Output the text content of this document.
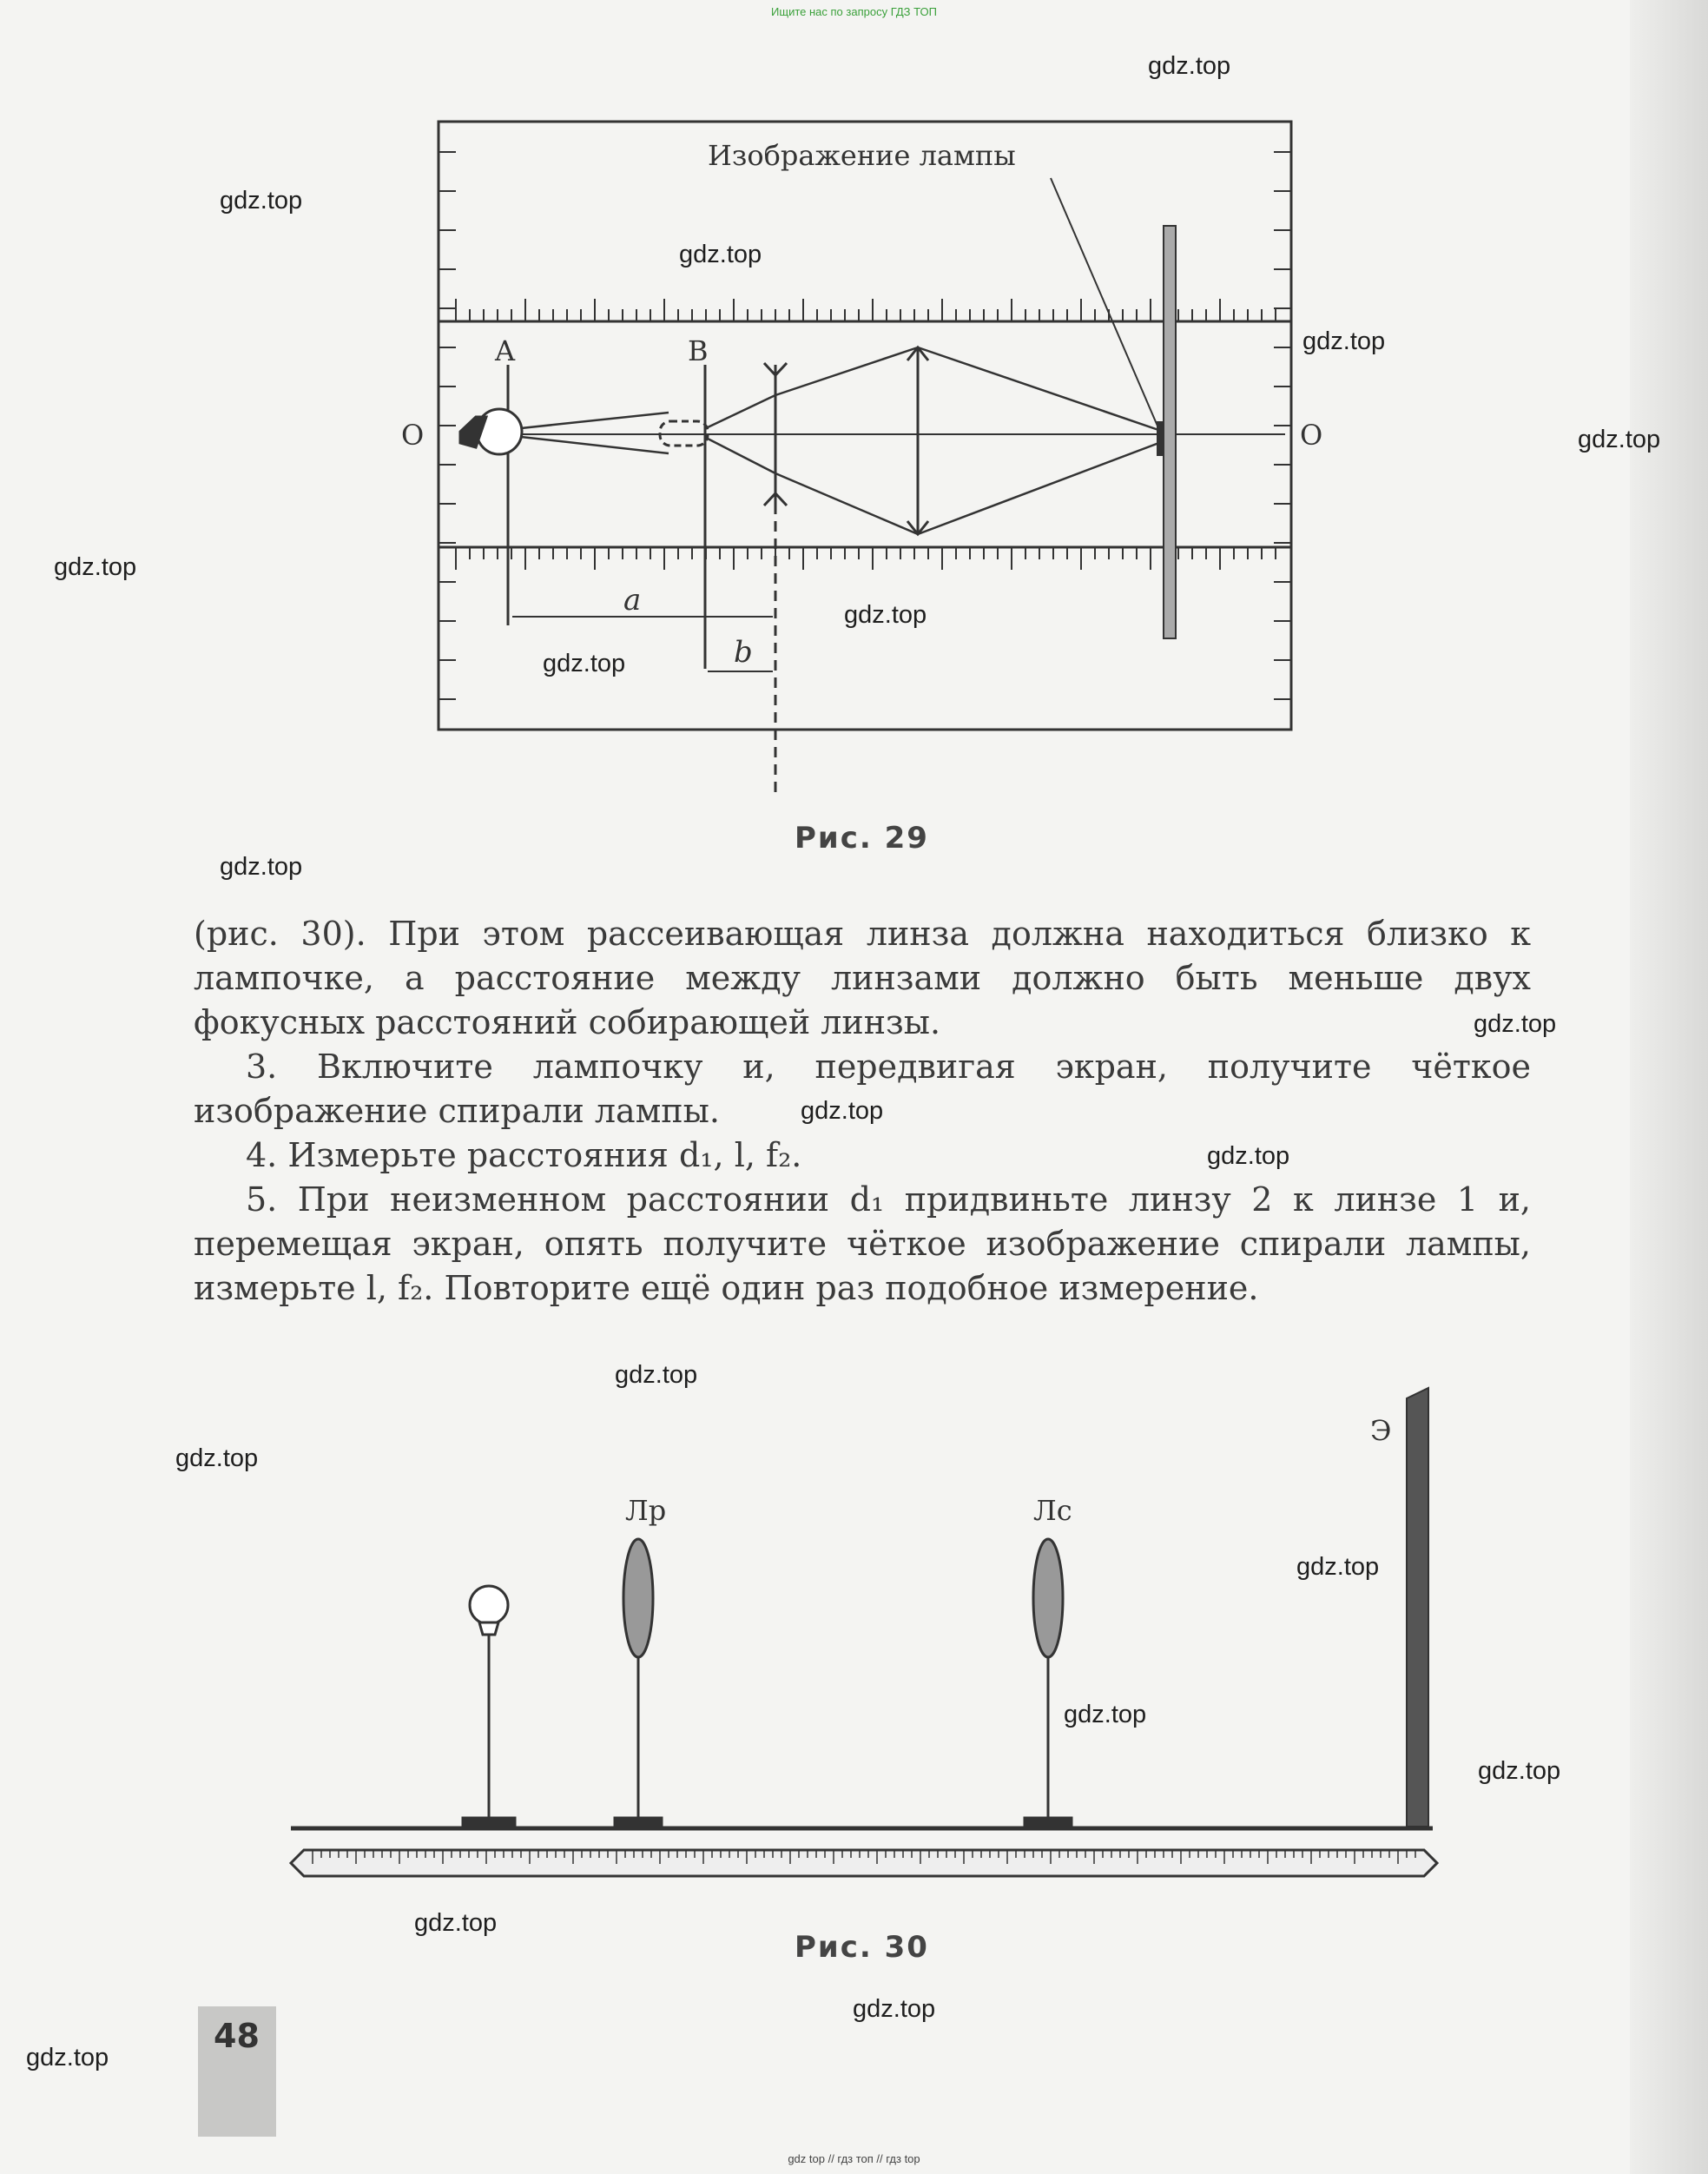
Ищите нас по запросу ГДЗ ТОП
Изображение лампы
A	B
O	O
a
b
Лр	Лс
Э
Рис. 29

(рис. 30). При этом рассеивающая линза должна находиться близко к лампочке, а расстояние между линзами должно быть меньше двух фокусных расстояний собирающей линзы.

3. Включите лампочку и, передвигая экран, получите чёткое изображение спирали лампы.

4. Измерьте расстояния d₁, l, f₂.

5. При неизменном расстоянии d₁ придвиньте линзу 2 к линзе 1 и, перемещая экран, опять получите чёткое изображение спирали лампы, измерьте l, f₂. Повторите ещё один раз подобное измерение.

Рис. 30
48
gdz.top
gdz.top
gdz.top
gdz.top
gdz.top
gdz.top
gdz.top
gdz.top
gdz.top
gdz.top
gdz.top
gdz.top
gdz.top
gdz.top
gdz.top
gdz.top
gdz.top
gdz.top
gdz.top
gdz.top
gdz top // гдз топ // гдз top
